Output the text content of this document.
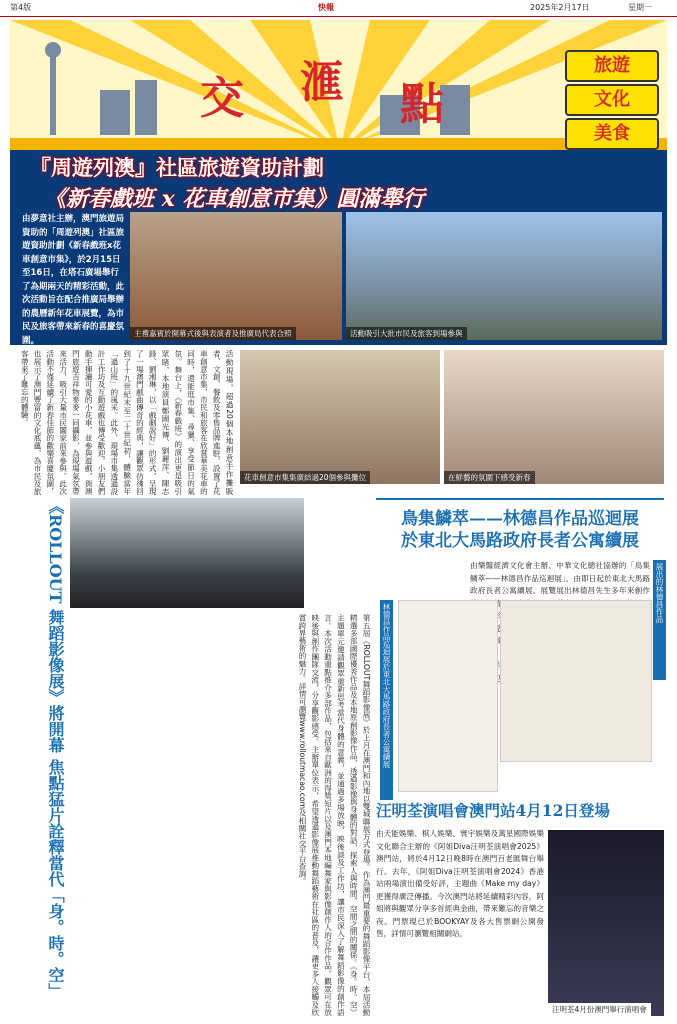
第4版	快報	2025年2月17日	星期一
交 滙 點
旅遊
文化
美食
『周遊列澳』社區旅遊資助計劃
《新春戲班 x 花車創意市集》圓滿舉行
由夢意社主辦，澳門旅遊局資助的「周遊列澳」社區旅遊資助計劃《新春戲班x花車創意市集》，於2月15日至16日，在塔石廣場舉行了為期兩天的精彩活動，此次活動旨在配合推廣局舉辦的農曆新年花車展覽，為市民及旅客帶來新春的喜慶氛圍。
主禮嘉賓於開幕式後與表演者及推廣局代表合照	活動吸引大批市民及旅客到場參與
活動現場，超過20個本地創意手作攤販者、文創、餐飲及零售品牌進駐，設置了花車創意市集，市民和旅客在欣賞華美花車的同時，還能逛市集、尋獵、享受節日的氣氛。舞台上，《新春戲班》的演出更是吸引眾睹，本地演員鄭國光傳、劉麗萍、陳志鋒、劉湘琳，以「戲劇說好」的形式，呈現了一場澳門戲曲傳奇的經典，讓觀眾彷彿回到了十九世紀末至二十世紀初，體驗當年「過山班」的風采。此外，現場市集透過設計工作坊及互動遊戲也傳受歡迎，小朋友們動手揮灑可愛的小花車，並參與遊戲，與澳門旅遊吉祥物麥麥一同攝影，為現場氣氛帶來活力，吸引大量市民闔家前來參與。此次活動不僅延續了新春佳節的歡樂喜慶氛圍，也展示了澳門豐富的文化底蘊，為市民及旅客帶來了難忘的體驗。
花車創意市集集廣結過20個參與攤位	在鮮藝的氛圍下感受新春
《ROLLOUT 舞蹈影像展》將開幕 焦點猛片詮釋當代「身。時。空」	第五屆《ROLLOUT舞蹈影像展》於上月在澳門和內地以雙城聯展方式登場。作為澳門最重要的舞蹈影像平台，本屆活動精選多部國際優秀作品及本地原創影像作品，透過影像與身體的對話，探索人與時間、空間之間的關係。《身。時。空》主題單元邀請觀眾重新思考當代身體的意義，並通過多場放映、映後談及工作坊，讓市民深入了解舞蹈影像的創作語言。本次活動重點推介多部作品，包括來自歐洲的得獎短片以及澳門本地編舞家與影像創作人的合作作品。觀眾可在放映後與創作團隊交流，分享觀影感受。主辦單位表示，希望透過影像展推動舞蹈藝術在社區的普及，讓更多人接觸及欣賞跨界藝術的魅力。詳情可瀏覽www.rolloutmacao.com及相關社交平台查詢。
鳥集鱗萃——林德昌作品巡迴展
於東北大馬路政府長者公寓續展
由樂醫經濟文化會主辦、中華文化總社協辦的「鳥集鱗萃——林德昌作品巡迴展」，由即日起於東北大馬路政府長者公寓續展。展覽展出林德昌先生多年來創作 附
林德昌作品巡迴展於東北大馬路政府長者公寓續展
展出的林德昌作品
汪明荃演唱會澳門站4月12日登場
由天能娛樂、棋人娛樂、寰宇娛樂及萬星國際娛樂文化聯合主辦的《阿姐Diva汪明荃演唱會2025》澳門站，將於4月12日晚8時在澳門百老匯舞台舉行。去年，《阿姐Diva汪明荃演唱會2024》香港站兩場演出備受好評，主題曲《Make my day》更獲得廣泛傳播。今次澳門站將延續精彩內容，阿姐將與觀眾分享多首經典金曲，帶來難忘的音樂之夜。門票現已於BOOKYAY及各大售票網公開發售，詳情可瀏覽相關網站。
汪明荃4月份澳門舉行演唱會
